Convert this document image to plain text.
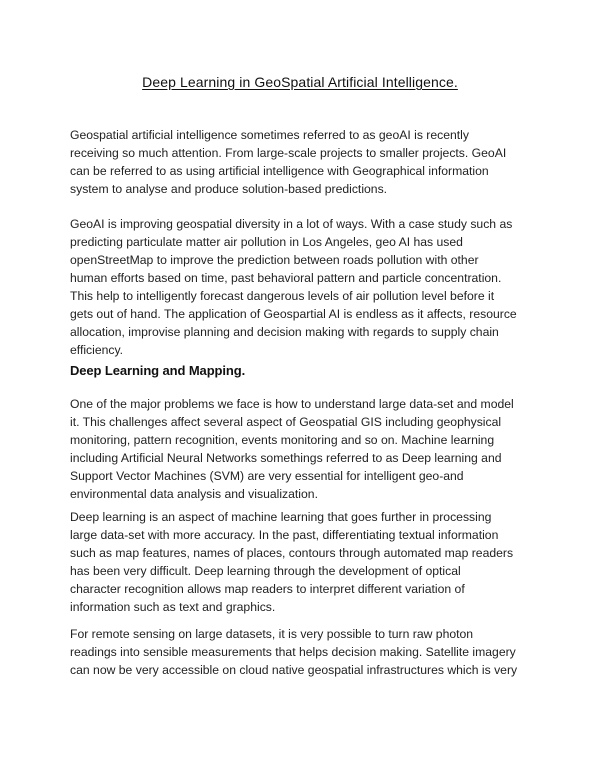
Deep Learning in GeoSpatial Artificial Intelligence.

Geospatial artificial intelligence sometimes referred to as geoAI is recently

receiving so much attention. From large-scale projects to smaller projects. GeoAI

can be referred to as using artificial intelligence with Geographical information

system to analyse and produce solution-based predictions.

GeoAI is improving geospatial diversity in a lot of ways. With a case study such as

predicting particulate matter air pollution in Los Angeles, geo AI has used

openStreetMap to improve the prediction between roads pollution with other

human efforts based on time, past behavioral pattern and particle concentration.

This help to intelligently forecast dangerous levels of air pollution level before it

gets out of hand. The application of Geospartial AI is endless as it affects, resource

allocation, improvise planning and decision making with regards to supply chain

efficiency.

Deep Learning and Mapping.

One of the major problems we face is how to understand large data-set and model

it. This challenges affect several aspect of Geospatial GIS including geophysical

monitoring, pattern recognition, events monitoring and so on. Machine learning

including Artificial Neural Networks somethings referred to as Deep learning and

Support Vector Machines (SVM) are very essential for intelligent geo-and

environmental data analysis and visualization.

Deep learning is an aspect of machine learning that goes further in processing

large data-set with more accuracy. In the past, differentiating textual information

such as map features, names of places, contours through automated map readers

has been very difficult. Deep learning through the development of optical

character recognition allows map readers to interpret different variation of

information such as text and graphics.

For remote sensing on large datasets, it is very possible to turn raw photon

readings into sensible measurements that helps decision making. Satellite imagery

can now be very accessible on cloud native geospatial infrastructures which is very
